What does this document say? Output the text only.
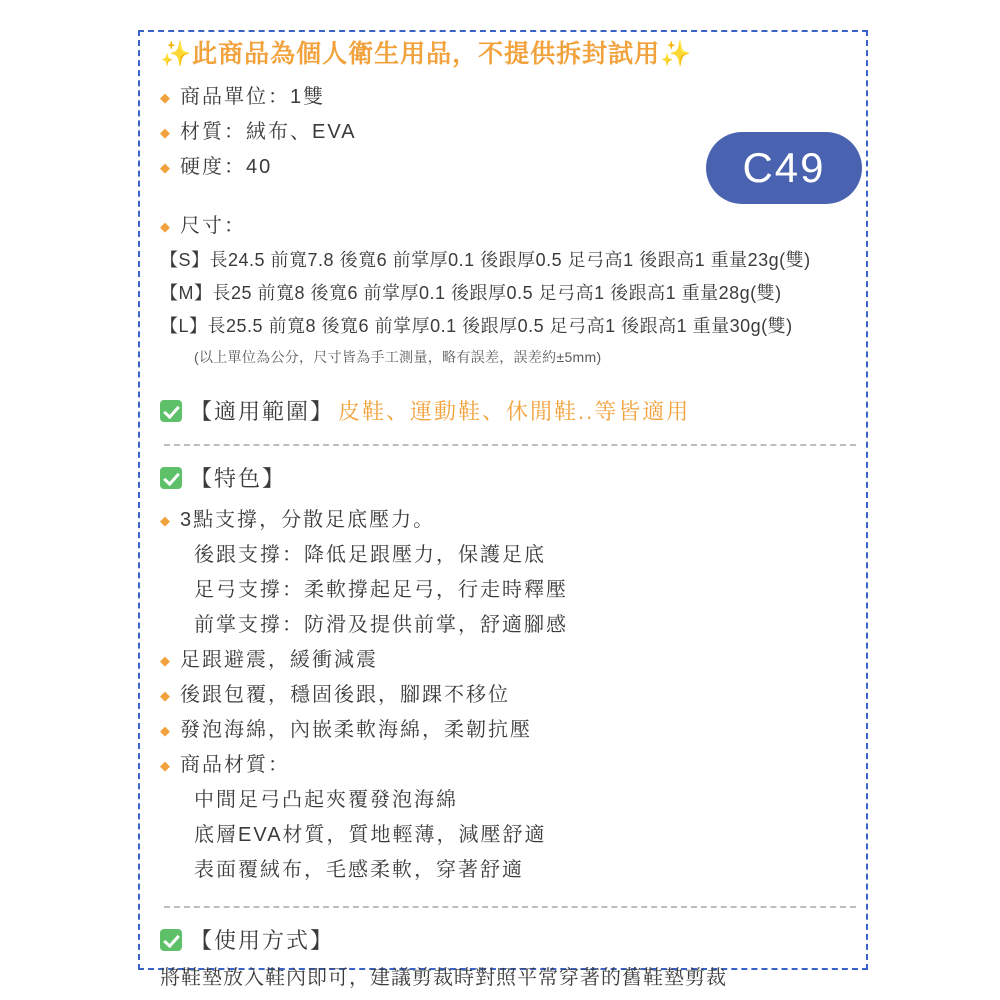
C49
✨此商品為個人衛生用品，不提供拆封試用✨
◆ 商品單位：1雙
◆ 材質：絨布、EVA
◆ 硬度：40
◆ 尺寸：
【S】長24.5 前寬7.8 後寬6 前掌厚0.1 後跟厚0.5 足弓高1 後跟高1 重量23g(雙)
【M】長25 前寬8 後寬6 前掌厚0.1 後跟厚0.5 足弓高1 後跟高1 重量28g(雙)
【L】長25.5 前寬8 後寬6 前掌厚0.1 後跟厚0.5 足弓高1 後跟高1 重量30g(雙)
(以上單位為公分，尺寸皆為手工測量，略有誤差，誤差約±5mm)
【適用範圍】 皮鞋、運動鞋、休閒鞋..等皆適用
【特色】
◆ 3點支撐，分散足底壓力。
後跟支撐：降低足跟壓力，保護足底
足弓支撐：柔軟撐起足弓，行走時釋壓
前掌支撐：防滑及提供前掌，舒適腳感
◆ 足跟避震，緩衝減震
◆ 後跟包覆，穩固後跟，腳踝不移位
◆ 發泡海綿，內嵌柔軟海綿，柔韌抗壓
◆ 商品材質：
中間足弓凸起夾覆發泡海綿
底層EVA材質，質地輕薄，減壓舒適
表面覆絨布，毛感柔軟，穿著舒適
【使用方式】
將鞋墊放入鞋內即可，建議剪裁時對照平常穿著的舊鞋墊剪裁
